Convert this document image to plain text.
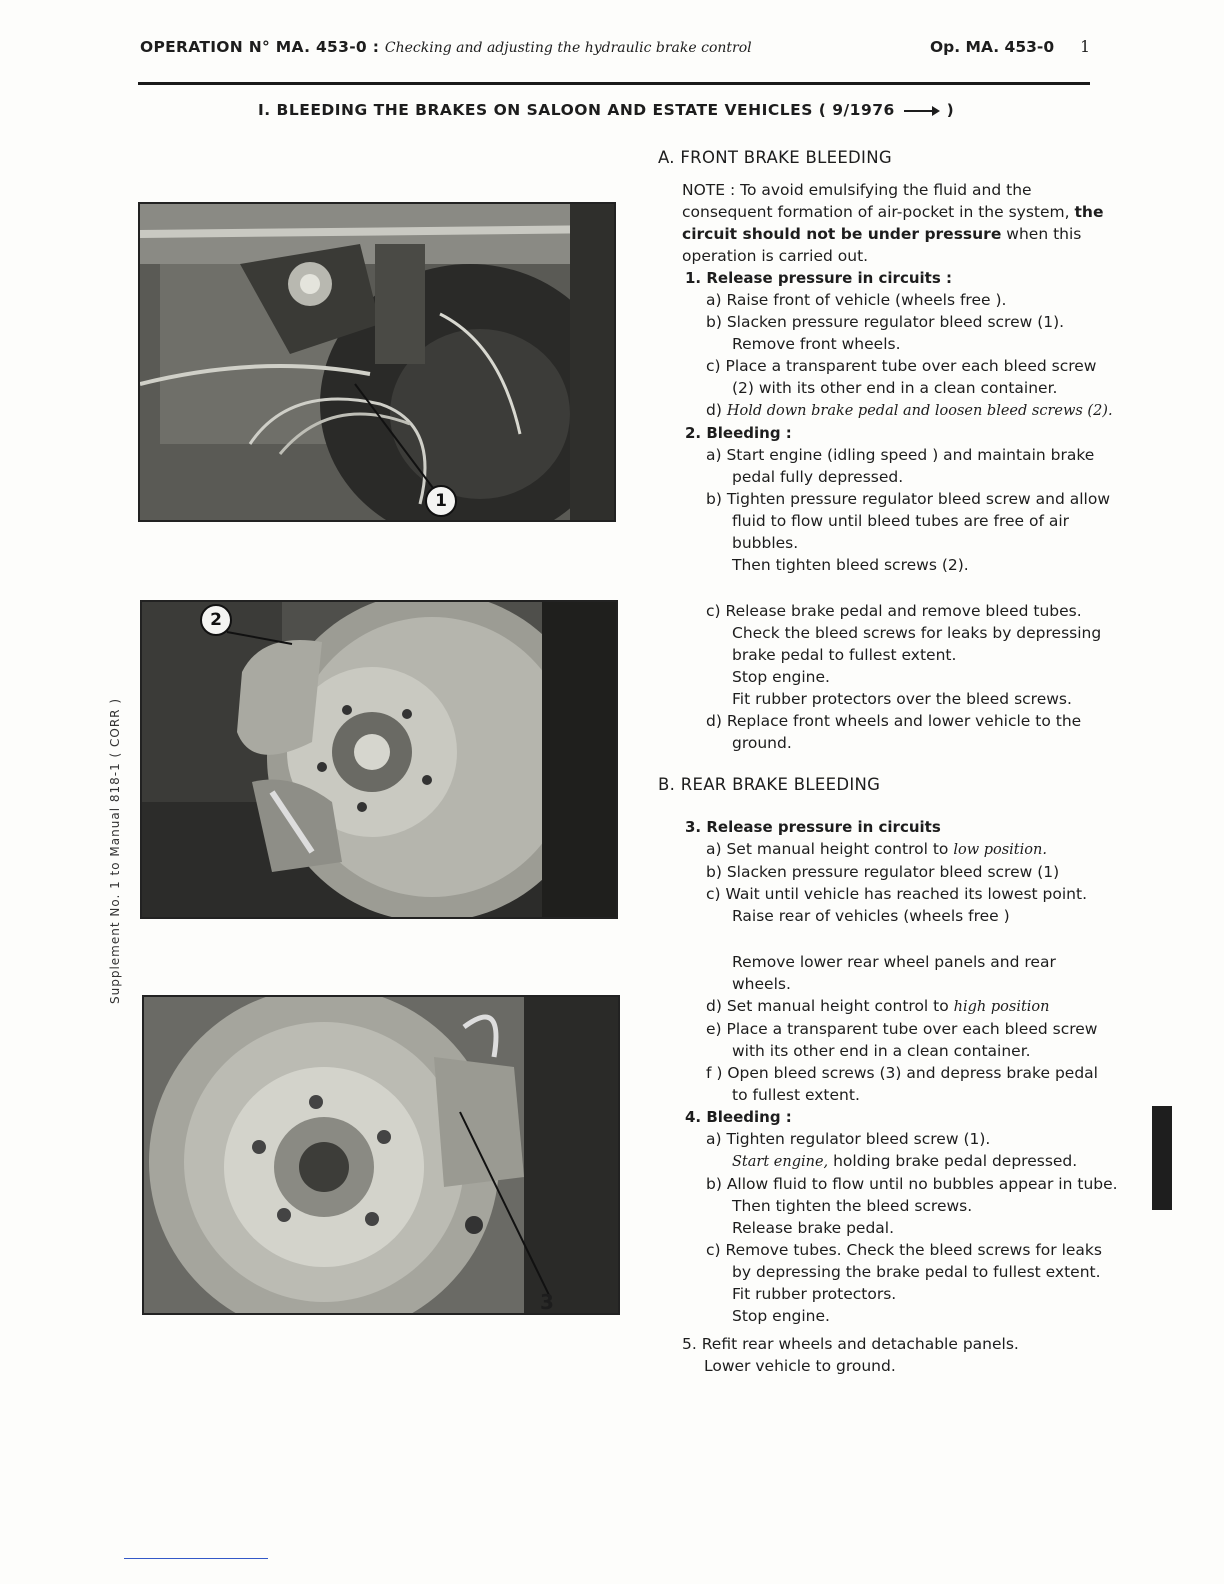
OPERATION N° MA. 453-0 : Checking and adjusting the hydraulic brake control	Op. MA. 453-0 1
I. BLEEDING THE BRAKES ON SALOON AND ESTATE VEHICLES ( 9/1976	)
Supplement No. 1 to Manual 818-1 ( CORR )
1
2
3

A. FRONT BRAKE BLEEDING

NOTE : To avoid emulsifying the fluid and the consequent formation of air-pocket in the system, the circuit should not be under pressure when this operation is carried out.
1. Release pressure in circuits :
a) Raise front of vehicle (wheels free ).
b) Slacken pressure regulator bleed screw (1). Remove front wheels.
c) Place a transparent tube over each bleed screw (2) with its other end in a clean container.
d) Hold down brake pedal and loosen bleed screws (2).
2. Bleeding :
a) Start engine (idling speed ) and maintain brake pedal fully depressed.
b) Tighten pressure regulator bleed screw and allow fluid to flow until bleed tubes are free of air bubbles.
Then tighten bleed screws (2).
c) Release brake pedal and remove bleed tubes. Check the bleed screws for leaks by depressing brake pedal to fullest extent.
Stop engine.
Fit rubber protectors over the bleed screws.
d) Replace front wheels and lower vehicle to the ground.

B. REAR BRAKE BLEEDING

3. Release pressure in circuits
a) Set manual height control to low position.
b) Slacken pressure regulator bleed screw (1)
c) Wait until vehicle has reached its lowest point.
Raise rear of vehicles (wheels free )
Remove lower rear wheel panels and rear wheels.
d) Set manual height control to high position
e) Place a transparent tube over each bleed screw with its other end in a clean container.
f ) Open bleed screws (3) and depress brake pedal to fullest extent.
4. Bleeding :
a) Tighten regulator bleed screw (1).
Start engine, holding brake pedal depressed.
b) Allow fluid to flow until no bubbles appear in tube.
Then tighten the bleed screws.
Release brake pedal.
c) Remove tubes. Check the bleed screws for leaks by depressing the brake pedal to fullest extent.
Fit rubber protectors.
Stop engine.
5. Refit rear wheels and detachable panels.
Lower vehicle to ground.
